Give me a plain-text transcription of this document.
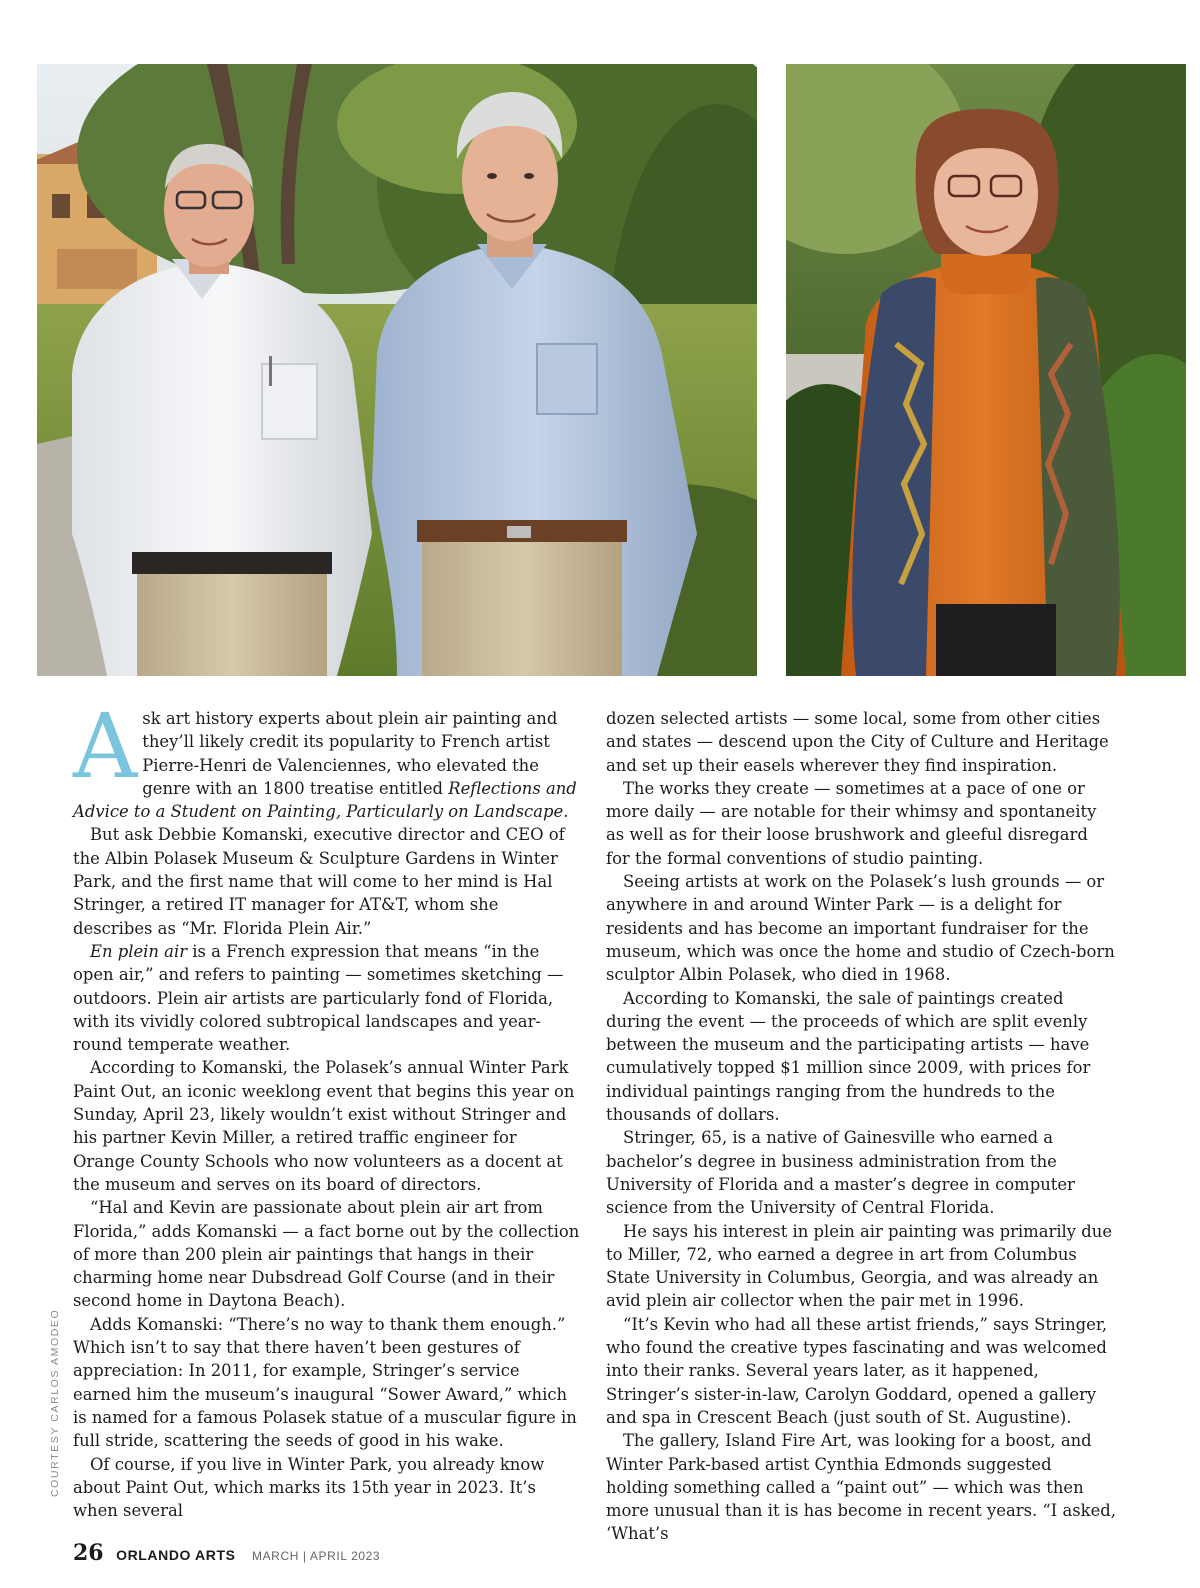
Ask art history experts about plein air painting and they’ll likely credit its popularity to French artist Pierre-Henri de Valenciennes, who elevated the genre with an 1800 treatise entitled Reflections and Advice to a Student on Painting, Particularly on Landscape.

But ask Debbie Komanski, executive director and CEO of the Albin Polasek Museum & Sculpture Gardens in Winter Park, and the first name that will come to her mind is Hal Stringer, a retired IT manager for AT&T, whom she describes as “Mr. Florida Plein Air.”

En plein air is a French expression that means “in the open air,” and refers to painting — sometimes sketching — outdoors. Plein air artists are particularly fond of Florida, with its vividly colored subtropical landscapes and year-round temperate weather.

According to Komanski, the Polasek’s annual Winter Park Paint Out, an iconic weeklong event that begins this year on Sunday, April 23, likely wouldn’t exist without Stringer and his partner Kevin Miller, a retired traffic engineer for Orange County Schools who now volunteers as a docent at the museum and serves on its board of directors.

“Hal and Kevin are passionate about plein air art from Florida,” adds Komanski — a fact borne out by the collection of more than 200 plein air paintings that hangs in their charming home near Dubsdread Golf Course (and in their second home in Daytona Beach).

Adds Komanski: “There’s no way to thank them enough.” Which isn’t to say that there haven’t been gestures of appreciation: In 2011, for example, Stringer’s service earned him the museum’s inaugural “Sower Award,” which is named for a famous Polasek statue of a muscular figure in full stride, scattering the seeds of good in his wake.

Of course, if you live in Winter Park, you already know about Paint Out, which marks its 15th year in 2023. It’s when several

dozen selected artists — some local, some from other cities and states — descend upon the City of Culture and Heritage and set up their easels wherever they find inspiration.

The works they create — sometimes at a pace of one or more daily — are notable for their whimsy and spontaneity as well as for their loose brushwork and gleeful disregard for the formal conventions of studio painting.

Seeing artists at work on the Polasek’s lush grounds — or anywhere in and around Winter Park — is a delight for residents and has become an important fundraiser for the museum, which was once the home and studio of Czech-born sculptor Albin Polasek, who died in 1968.

According to Komanski, the sale of paintings created during the event — the proceeds of which are split evenly between the museum and the participating artists — have cumulatively topped $1 million since 2009, with prices for individual paintings ranging from the hundreds to the thousands of dollars.

Stringer, 65, is a native of Gainesville who earned a bachelor’s degree in business administration from the University of Florida and a master’s degree in computer science from the University of Central Florida.

He says his interest in plein air painting was primarily due to Miller, 72, who earned a degree in art from Columbus State University in Columbus, Georgia, and was already an avid plein air collector when the pair met in 1996.

“It’s Kevin who had all these artist friends,” says Stringer, who found the creative types fascinating and was welcomed into their ranks. Several years later, as it happened, Stringer’s sister-in-law, Carolyn Goddard, opened a gallery and spa in Crescent Beach (just south of St. Augustine).

The gallery, Island Fire Art, was looking for a boost, and Winter Park-based artist Cynthia Edmonds suggested holding something called a “paint out” — which was then more unusual than it is has become in recent years. “I asked, ‘What’s

COURTESY CARLOS AMODEO
26 ORLANDO ARTS MARCH | APRIL 2023
